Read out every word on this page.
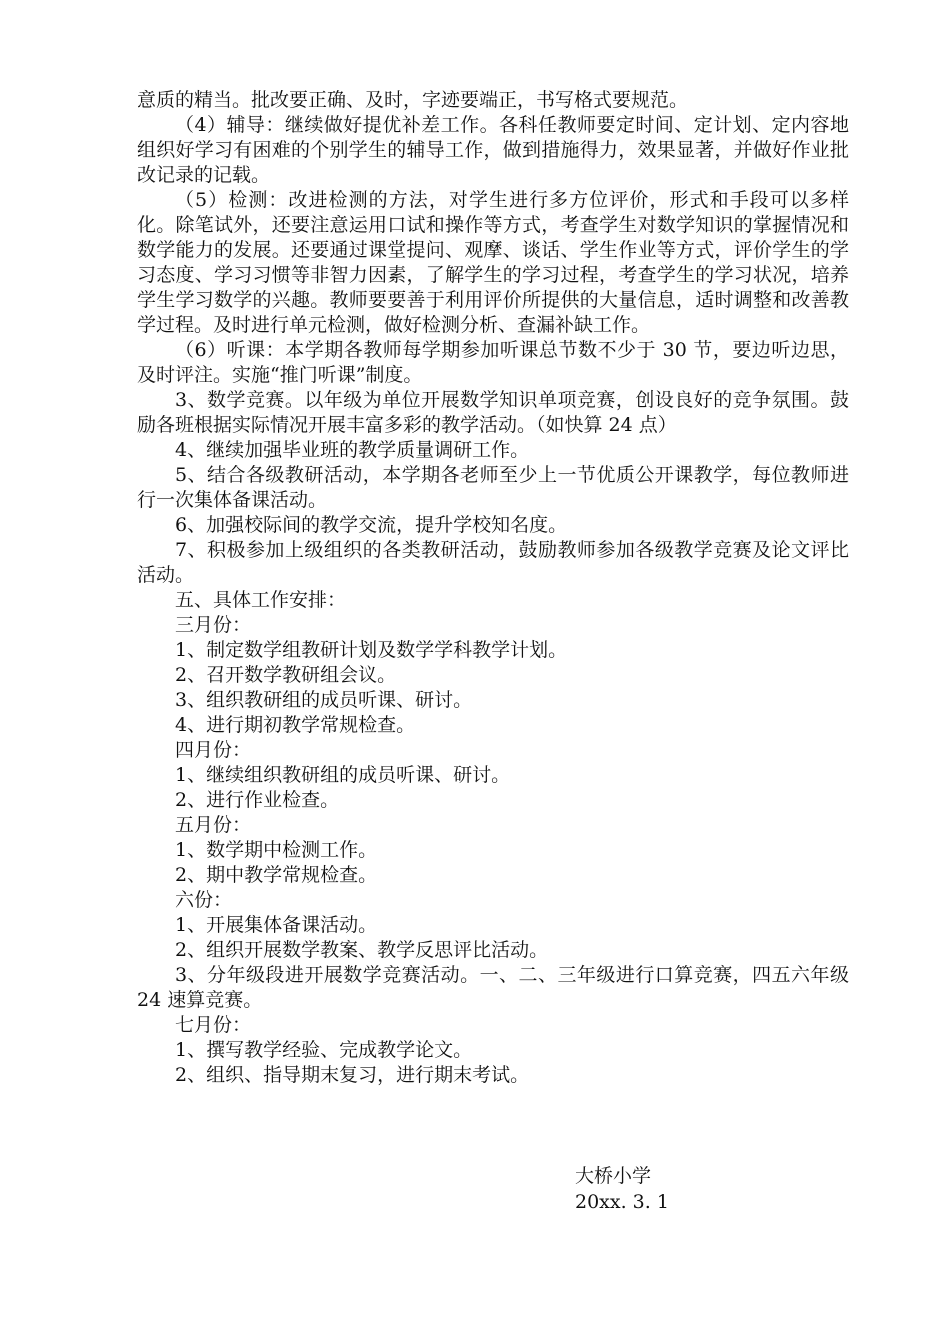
意质的精当。批改要正确、及时，字迹要端正，书写格式要规范。

（4）辅导：继续做好提优补差工作。各科任教师要定时间、定计划、定内容地组织好学习有困难的个别学生的辅导工作，做到措施得力，效果显著，并做好作业批改记录的记载。

（5）检测：改进检测的方法，对学生进行多方位评价，形式和手段可以多样化。除笔试外，还要注意运用口试和操作等方式，考查学生对数学知识的掌握情况和数学能力的发展。还要通过课堂提问、观摩、谈话、学生作业等方式，评价学生的学习态度、学习习惯等非智力因素，了解学生的学习过程，考查学生的学习状况，培养学生学习数学的兴趣。教师要要善于利用评价所提供的大量信息，适时调整和改善教学过程。及时进行单元检测，做好检测分析、查漏补缺工作。

（6）听课：本学期各教师每学期参加听课总节数不少于 30 节，要边听边思，及时评注。实施“推门听课”制度。

3、数学竞赛。以年级为单位开展数学知识单项竞赛，创设良好的竞争氛围。鼓励各班根据实际情况开展丰富多彩的教学活动。（如快算 24 点）

4、继续加强毕业班的教学质量调研工作。

5、结合各级教研活动，本学期各老师至少上一节优质公开课教学，每位教师进行一次集体备课活动。

6、加强校际间的教学交流，提升学校知名度。

7、积极参加上级组织的各类教研活动，鼓励教师参加各级教学竞赛及论文评比活动。

五、具体工作安排：

三月份：

1、制定数学组教研计划及数学学科教学计划。

2、召开数学教研组会议。

3、组织教研组的成员听课、研讨。

4、进行期初教学常规检查。

四月份：

1、继续组织教研组的成员听课、研讨。

2、进行作业检查。

五月份：

1、数学期中检测工作。

2、期中教学常规检查。

六份：

1、开展集体备课活动。

2、组织开展数学教案、教学反思评比活动。

3、分年级段进开展数学竞赛活动。一、二、三年级进行口算竞赛，四五六年级 24 速算竞赛。

七月份：

1、撰写教学经验、完成教学论文。

2、组织、指导期末复习，进行期末考试。

大桥小学
20xx. 3. 1
